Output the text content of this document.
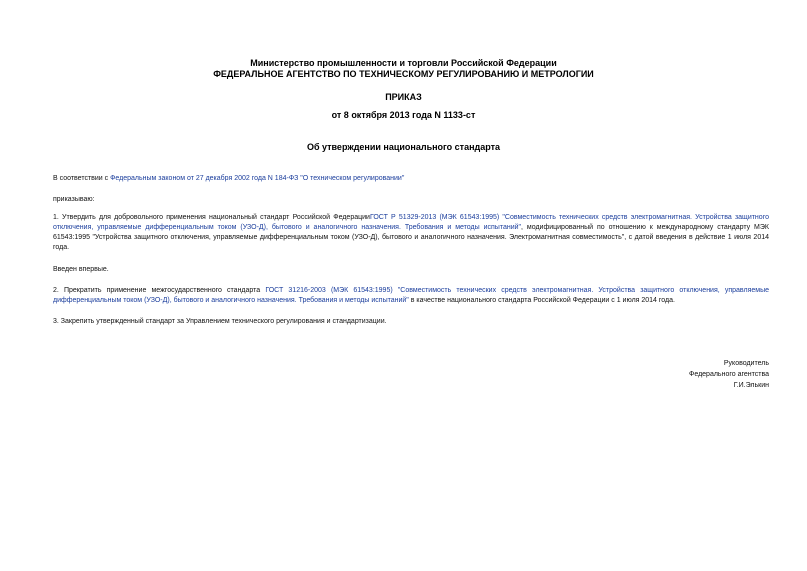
Министерство промышленности и торговли Российской Федерации
ФЕДЕРАЛЬНОЕ АГЕНТСТВО ПО ТЕХНИЧЕСКОМУ РЕГУЛИРОВАНИЮ И МЕТРОЛОГИИ
ПРИКАЗ
от 8 октября 2013 года N 1133-ст
Об утверждении национального стандарта
В соответствии с Федеральным законом от 27 декабря 2002 года N 184-ФЗ "О техническом регулировании"
приказываю:
1. Утвердить для добровольного применения национальный стандарт Российской ФедерацииГОСТ Р 51329-2013 (МЭК 61543:1995) "Совместимость технических средств электромагнитная. Устройства защитного отключения, управляемые дифференциальным током (УЗО-Д), бытового и аналогичного назначения. Требования и методы испытаний", модифицированный по отношению к международному стандарту МЭК 61543:1995 "Устройства защитного отключения, управляемые дифференциальным током (УЗО-Д), бытового и аналогичного назначения. Электромагнитная совместимость", с датой введения в действие 1 июля 2014 года.
Введен впервые.
2. Прекратить применение межгосударственного стандарта ГОСТ 31216-2003 (МЭК 61543:1995) "Совместимость технических средств электромагнитная. Устройства защитного отключения, управляемые дифференциальным током (УЗО-Д), бытового и аналогичного назначения. Требования и методы испытаний" в качестве национального стандарта Российской Федерации с 1 июля 2014 года.
3. Закрепить утвержденный стандарт за Управлением технического регулирования и стандартизации.
Руководитель
Федерального агентства
Г.И.Элькин
